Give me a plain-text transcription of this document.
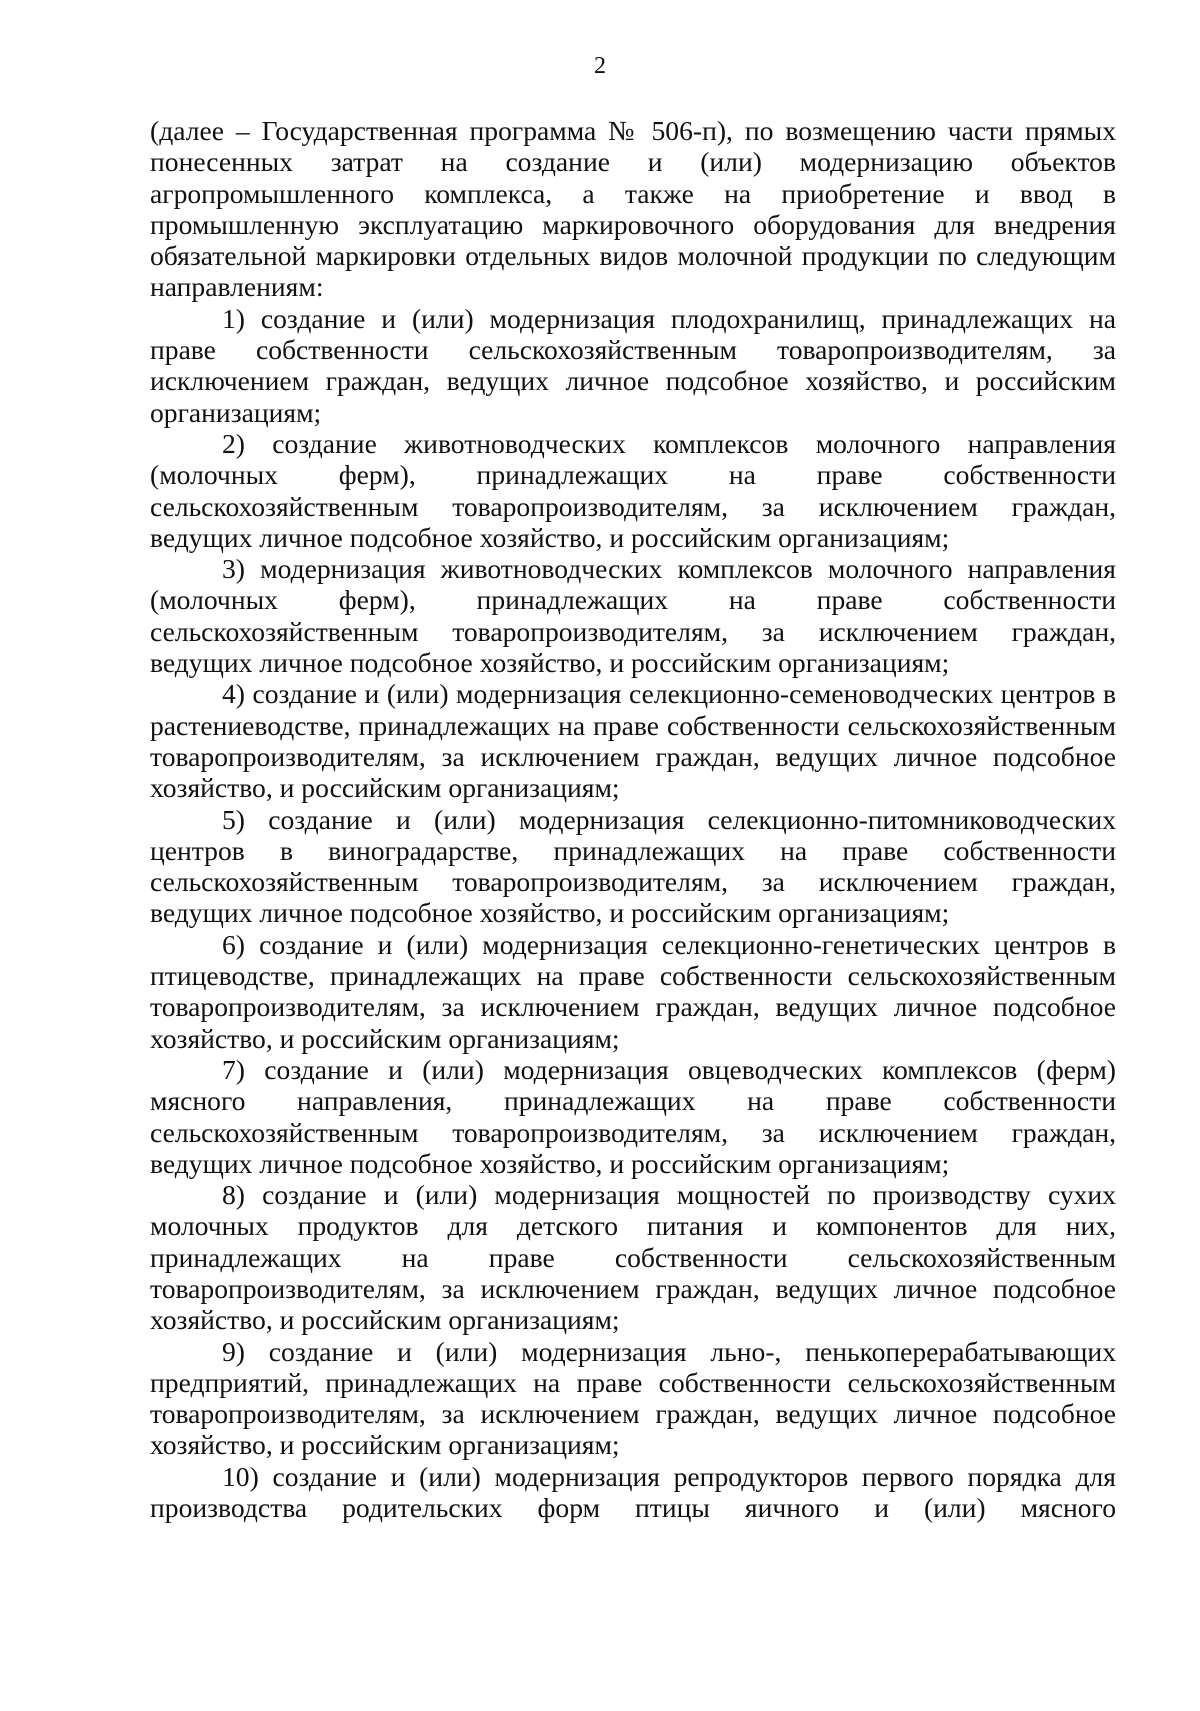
2

(далее – Государственная программа № 506-п), по возмещению части прямых понесенных затрат на создание и (или) модернизацию объектов агропромышленного комплекса, а также на приобретение и ввод в промышленную эксплуатацию маркировочного оборудования для внедрения обязательной маркировки отдельных видов молочной продукции по следующим направлениям:

1) создание и (или) модернизация плодохранилищ, принадлежащих на праве собственности сельскохозяйственным товаропроизводителям, за исключением граждан, ведущих личное подсобное хозяйство, и российским организациям;

2) создание животноводческих комплексов молочного направления (молочных ферм), принадлежащих на праве собственности сельскохозяйственным товаропроизводителям, за исключением граждан, ведущих личное подсобное хозяйство, и российским организациям;

3) модернизация животноводческих комплексов молочного направления (молочных ферм), принадлежащих на праве собственности сельскохозяйственным товаропроизводителям, за исключением граждан, ведущих личное подсобное хозяйство, и российским организациям;

4) создание и (или) модернизация селекционно-семеноводческих центров в растениеводстве, принадлежащих на праве собственности сельскохозяйственным товаропроизводителям, за исключением граждан, ведущих личное подсобное хозяйство, и российским организациям;

5) создание и (или) модернизация селекционно-питомниководческих центров в виноградарстве, принадлежащих на праве собственности сельскохозяйственным товаропроизводителям, за исключением граждан, ведущих личное подсобное хозяйство, и российским организациям;

6) создание и (или) модернизация селекционно-генетических центров в птицеводстве, принадлежащих на праве собственности сельскохозяйственным товаропроизводителям, за исключением граждан, ведущих личное подсобное хозяйство, и российским организациям;

7) создание и (или) модернизация овцеводческих комплексов (ферм) мясного направления, принадлежащих на праве собственности сельскохозяйственным товаропроизводителям, за исключением граждан, ведущих личное подсобное хозяйство, и российским организациям;

8) создание и (или) модернизация мощностей по производству сухих молочных продуктов для детского питания и компонентов для них, принадлежащих на праве собственности сельскохозяйственным товаропроизводителям, за исключением граждан, ведущих личное подсобное хозяйство, и российским организациям;

9) создание и (или) модернизация льно-, пенькоперерабатывающих предприятий, принадлежащих на праве собственности сельскохозяйственным товаропроизводителям, за исключением граждан, ведущих личное подсобное хозяйство, и российским организациям;

10) создание и (или) модернизация репродукторов первого порядка для производства родительских форм птицы яичного и (или) мясного
